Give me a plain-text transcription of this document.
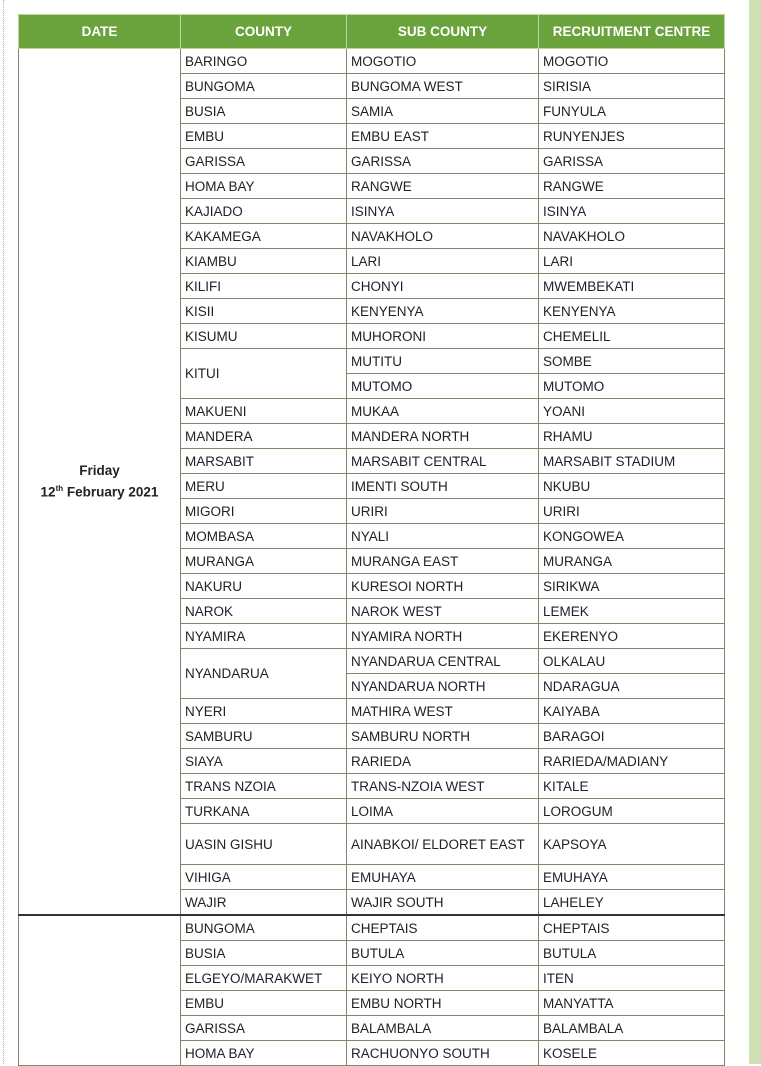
DATE	COUNTY	SUB COUNTY	RECRUITMENT CENTRE

Friday
12th February 2021	BARINGO	MOGOTIO	MOGOTIO
	BUNGOMA	BUNGOMA WEST	SIRISIA
	BUSIA	SAMIA	FUNYULA
	EMBU	EMBU EAST	RUNYENJES
	GARISSA	GARISSA	GARISSA
	HOMA BAY	RANGWE	RANGWE
	KAJIADO	ISINYA	ISINYA
	KAKAMEGA	NAVAKHOLO	NAVAKHOLO
	KIAMBU	LARI	LARI
	KILIFI	CHONYI	MWEMBEKATI
	KISII	KENYENYA	KENYENYA
	KISUMU	MUHORONI	CHEMELIL
	KITUI	MUTITU	SOMBE
		MUTOMO	MUTOMO
	MAKUENI	MUKAA	YOANI
	MANDERA	MANDERA NORTH	RHAMU
	MARSABIT	MARSABIT CENTRAL	MARSABIT STADIUM
	MERU	IMENTI SOUTH	NKUBU
	MIGORI	URIRI	URIRI
	MOMBASA	NYALI	KONGOWEA
	MURANGA	MURANGA EAST	MURANGA
	NAKURU	KURESOI NORTH	SIRIKWA
	NAROK	NAROK WEST	LEMEK
	NYAMIRA	NYAMIRA NORTH	EKERENYO
	NYANDARUA	NYANDARUA CENTRAL	OLKALAU
		NYANDARUA NORTH	NDARAGUA
	NYERI	MATHIRA WEST	KAIYABA
	SAMBURU	SAMBURU NORTH	BARAGOI
	SIAYA	RARIEDA	RARIEDA/MADIANY
	TRANS NZOIA	TRANS-NZOIA WEST	KITALE
	TURKANA	LOIMA	LOROGUM
	UASIN GISHU	AINABKOI/ ELDORET EAST	KAPSOYA
	VIHIGA	EMUHAYA	EMUHAYA
	WAJIR	WAJIR SOUTH	LAHELEY

	BUNGOMA	CHEPTAIS	CHEPTAIS
	BUSIA	BUTULA	BUTULA
	ELGEYO/MARAKWET	KEIYO NORTH	ITEN
	EMBU	EMBU NORTH	MANYATTA
	GARISSA	BALAMBALA	BALAMBALA
	HOMA BAY	RACHUONYO SOUTH	KOSELE
